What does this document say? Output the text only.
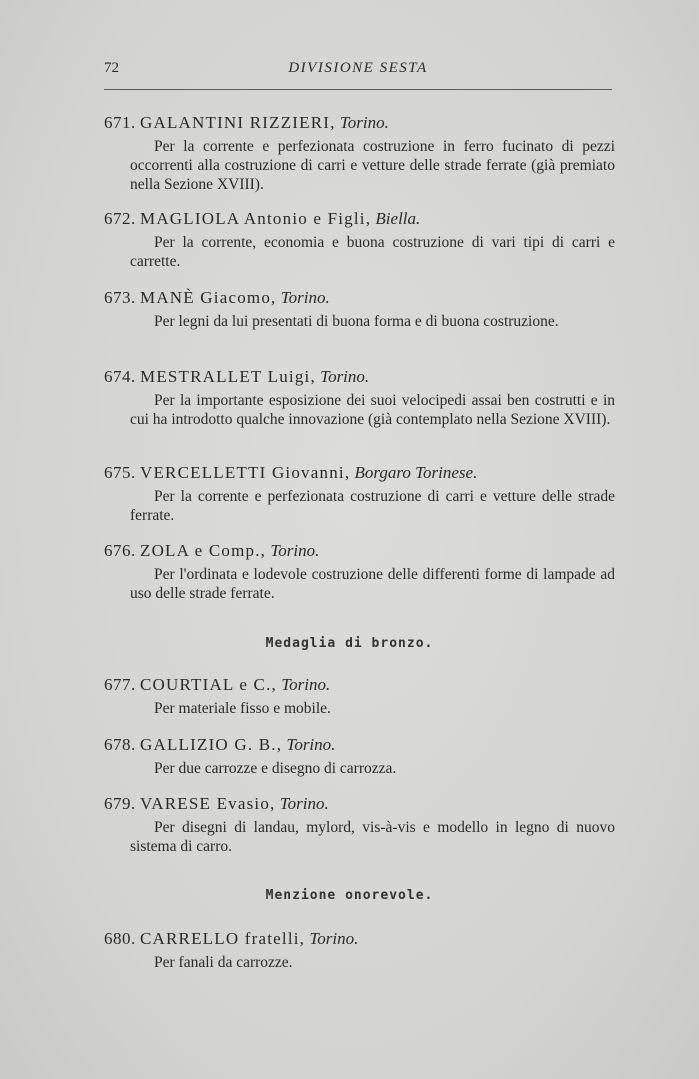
72	DIVISIONE SESTA
671. GALANTINI RIZZIERI, Torino.
Per la corrente e perfezionata costruzione in ferro fucinato di pezzi occorrenti alla costruzione di carri e vetture delle strade ferrate (già premiato nella Sezione XVIII).
672. MAGLIOLA Antonio e Figli, Biella.
Per la corrente, economia e buona costruzione di vari tipi di carri e carrette.
673. MANÈ Giacomo, Torino.
Per legni da lui presentati di buona forma e di buona costruzione.
674. MESTRALLET Luigi, Torino.
Per la importante esposizione dei suoi velocipedi assai ben costrutti e in cui ha introdotto qualche innovazione (già contemplato nella Sezione XVIII).
675. VERCELLETTI Giovanni, Borgaro Torinese.
Per la corrente e perfezionata costruzione di carri e vetture delle strade ferrate.
676. ZOLA e Comp., Torino.
Per l'ordinata e lodevole costruzione delle differenti forme di lampade ad uso delle strade ferrate.
Medaglia di bronzo.
677. COURTIAL e C., Torino.
Per materiale fisso e mobile.
678. GALLIZIO G. B., Torino.
Per due carrozze e disegno di carrozza.
679. VARESE Evasio, Torino.
Per disegni di landau, mylord, vis-à-vis e modello in legno di nuovo sistema di carro.
Menzione onorevole.
680. CARRELLO fratelli, Torino.
Per fanali da carrozze.
